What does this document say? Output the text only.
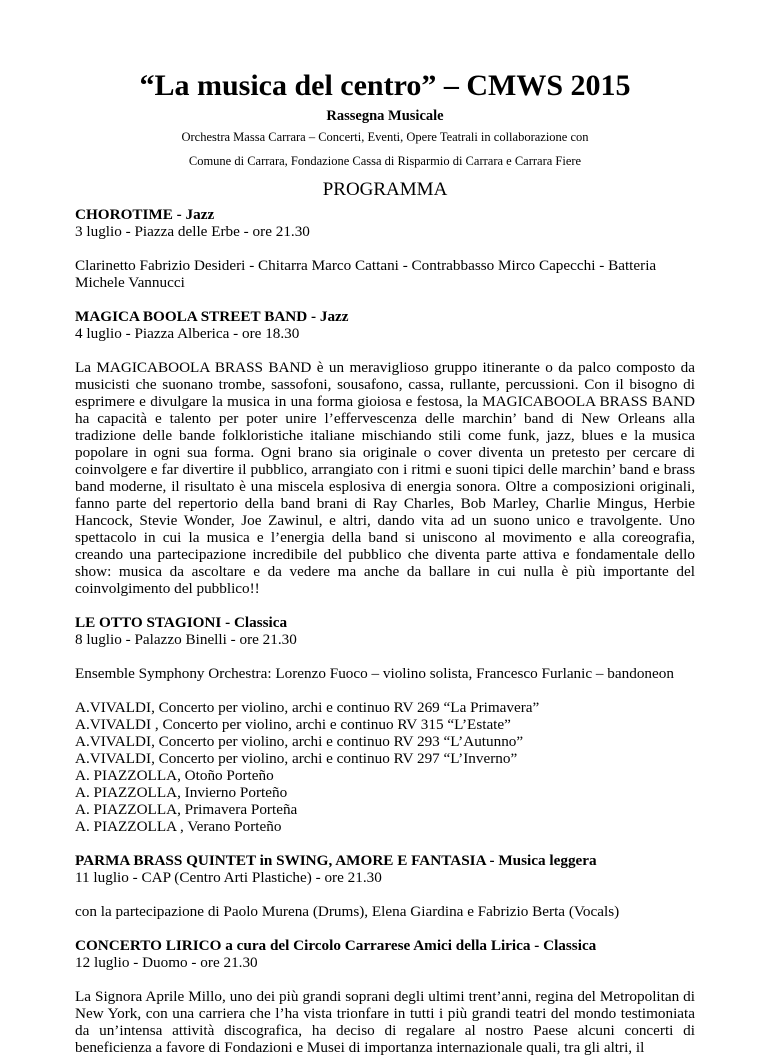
“La musica del centro” – CMWS 2015

Rassegna Musicale

Orchestra Massa Carrara – Concerti, Eventi, Opere Teatrali in collaborazione con

Comune di Carrara, Fondazione Cassa di Risparmio di Carrara e Carrara Fiere

PROGRAMMA

CHOROTIME - Jazz

3 luglio - Piazza delle Erbe - ore 21.30

Clarinetto Fabrizio Desideri - Chitarra Marco Cattani - Contrabbasso Mirco Capecchi - Batteria Michele Vannucci

MAGICA BOOLA STREET BAND - Jazz

4 luglio - Piazza Alberica - ore 18.30

La MAGICABOOLA BRASS BAND è un meraviglioso gruppo itinerante o da palco composto da musicisti che suonano trombe, sassofoni, sousafono, cassa, rullante, percussioni. Con il bisogno di esprimere e divulgare la musica in una forma gioiosa e festosa, la MAGICABOOLA BRASS BAND ha capacità e talento per poter unire l’effervescenza delle marchin’ band di New Orleans alla tradizione delle bande folkloristiche italiane mischiando stili come funk, jazz, blues e la musica popolare in ogni sua forma. Ogni brano sia originale o cover diventa un pretesto per cercare di coinvolgere e far divertire il pubblico, arrangiato con i ritmi e suoni tipici delle marchin’ band e brass band moderne, il risultato è una miscela esplosiva di energia sonora. Oltre a composizioni originali, fanno parte del repertorio della band brani di Ray Charles, Bob Marley, Charlie Mingus, Herbie Hancock, Stevie Wonder, Joe Zawinul, e altri, dando vita ad un suono unico e travolgente. Uno spettacolo in cui la musica e l’energia della band si uniscono al movimento e alla coreografia, creando una partecipazione incredibile del pubblico che diventa parte attiva e fondamentale dello show: musica da ascoltare e da vedere ma anche da ballare in cui nulla è più importante del coinvolgimento del pubblico!!

LE OTTO STAGIONI - Classica

8 luglio - Palazzo Binelli - ore 21.30

Ensemble Symphony Orchestra: Lorenzo Fuoco – violino solista, Francesco Furlanic – bandoneon

A.VIVALDI, Concerto per violino, archi e continuo RV 269 “La Primavera”
A.VIVALDI , Concerto per violino, archi e continuo RV 315 “L’Estate”
A.VIVALDI, Concerto per violino, archi e continuo RV 293 “L’Autunno”
A.VIVALDI, Concerto per violino, archi e continuo RV 297 “L’Inverno”
A. PIAZZOLLA, Otoño Porteño
A. PIAZZOLLA, Invierno Porteño
A. PIAZZOLLA, Primavera Porteña
A. PIAZZOLLA , Verano Porteño

PARMA BRASS QUINTET in SWING, AMORE E FANTASIA - Musica leggera

11 luglio - CAP (Centro Arti Plastiche) - ore 21.30

con la partecipazione di Paolo Murena (Drums), Elena Giardina e Fabrizio Berta (Vocals)

CONCERTO LIRICO a cura del Circolo Carrarese Amici della Lirica - Classica

12 luglio - Duomo - ore 21.30

La Signora Aprile Millo, uno dei più grandi soprani degli ultimi trent’anni, regina del Metropolitan di New York, con una carriera che l’ha vista trionfare in tutti i più grandi teatri del mondo testimoniata da un’intensa attività discografica, ha deciso di regalare al nostro Paese alcuni concerti di beneficienza a favore di Fondazioni e Musei di importanza internazionale quali, tra gli altri, il
